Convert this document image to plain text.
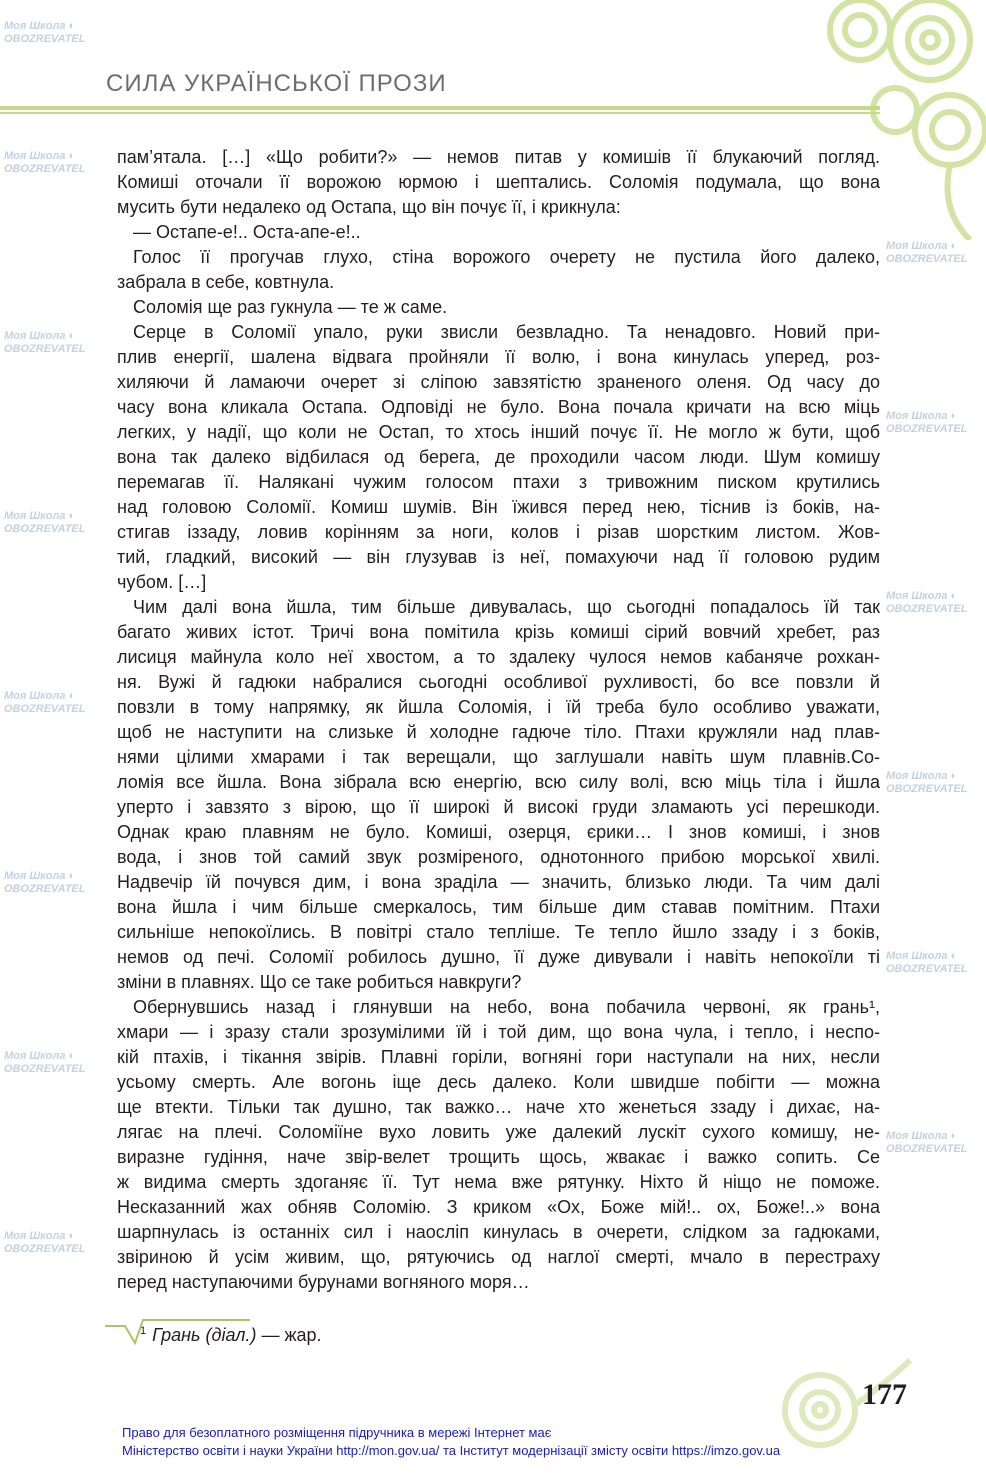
Моя Школа ◐ OBOZREVATEL
Моя Школа ◐ OBOZREVATEL
Моя Школа ◐ OBOZREVATEL
Моя Школа ◐ OBOZREVATEL
Моя Школа ◐ OBOZREVATEL
Моя Школа ◐ OBOZREVATEL
Моя Школа ◐ OBOZREVATEL
Моя Школа ◐ OBOZREVATEL
Моя Школа ◐ OBOZREVATEL
Моя Школа ◐ OBOZREVATEL
Моя Школа ◐ OBOZREVATEL
Моя Школа ◐ OBOZREVATEL
Моя Школа ◐ OBOZREVATEL
Моя Школа ◐ OBOZREVATEL
СИЛА УКРАЇНСЬКОЇ ПРОЗИ
пам’ятала. […] «Що робити?» — немов питав у комишів її блукаючий погляд.
Комиші оточали її ворожою юрмою і шептались. Соломія подумала, що вона
мусить бути недалеко од Остапа, що він почує її, і крикнула:
— Остапе-е!.. Оста-апе-е!..
Голос її прогучав глухо, стіна ворожого очерету не пустила його далеко,
забрала в себе, ковтнула.
Соломія ще раз гукнула — те ж саме.
Серце в Соломії упало, руки звисли безвладно. Та ненадовго. Новий при-
плив енергії, шалена відвага пройняли її волю, і вона кинулась уперед, роз-
хиляючи й ламаючи очерет зі сліпою завзятістю зраненого оленя. Од часу до
часу вона кликала Остапа. Одповіді не було. Вона почала кричати на всю міць
легких, у надії, що коли не Остап, то хтось інший почує її. Не могло ж бути, щоб
вона так далеко відбилася од берега, де проходили часом люди. Шум комишу
перемагав її. Налякані чужим голосом птахи з тривожним писком крутились
над головою Соломії. Комиш шумів. Він їжився перед нею, тіснив із боків, на-
стигав іззаду, ловив корінням за ноги, колов і різав шорстким листом. Жов-
тий, гладкий, високий — він глузував із неї, помахуючи над її головою рудим
чубом. […]
Чим далі вона йшла, тим більше дивувалась, що сьогодні попадалось їй так
багато живих істот. Тричі вона помітила крізь комиші сірий вовчий хребет, раз
лисиця майнула коло неї хвостом, а то здалеку чулося немов кабаняче рохкан-
ня. Вужі й гадюки набралися сьогодні особливої рухливості, бо все повзли й
повзли в тому напрямку, як йшла Соломія, і їй треба було особливо уважати,
щоб не наступити на слизьке й холодне гадюче тіло. Птахи кружляли над плав-
нями цілими хмарами і так верещали, що заглушали навіть шум плавнів.Со-
ломія все йшла. Вона зібрала всю енергію, всю силу волі, всю міць тіла і йшла
уперто і завзято з вірою, що її широкі й високі груди зламають усі перешкоди.
Однак краю плавням не було. Комиші, озерця, єрики… І знов комиші, і знов
вода, і знов той самий звук розміреного, однотонного прибою морської хвилі.
Надвечір їй почувся дим, і вона зраділа — значить, близько люди. Та чим далі
вона йшла і чим більше смеркалось, тим більше дим ставав помітним. Птахи
сильніше непокоїлись. В повітрі стало тепліше. Те тепло йшло ззаду і з боків,
немов од печі. Соломії робилось душно, її дуже дивували і навіть непокоїли ті
зміни в плавнях. Що се таке робиться навкруги?
Обернувшись назад і глянувши на небо, вона побачила червоні, як грань¹,
хмари — і зразу стали зрозумілими їй і той дим, що вона чула, і тепло, і неспо-
кій птахів, і тікання звірів. Плавні горіли, вогняні гори наступали на них, несли
усьому смерть. Але вогонь іще десь далеко. Коли швидше побігти — можна
ще втекти. Тільки так душно, так важко… наче хто женеться ззаду і дихає, на-
лягає на плечі. Соломіїне вухо ловить уже далекий лускіт сухого комишу, не-
виразне гудіння, наче звір-велет трощить щось, жвакає і важко сопить. Се
ж видима смерть здоганяє її. Тут нема вже рятунку. Ніхто й ніщо не поможе.
Несказанний жах обняв Соломію. З криком «Ох, Боже мій!.. ох, Боже!..» вона
шарпнулась із останніх сил і наосліп кинулась в очерети, слідком за гадюками,
звіриною й усім живим, що, рятуючись од наглої смерті, мчало в перестраху
перед наступаючими бурунами вогняного моря…
$^1$ Грань (діал.) — жар.
177
Право для безоплатного розміщення підручника в мережі Інтернет має
Міністерство освіти і науки України http://mon.gov.ua/ та Інститут модернізації змісту освіти https://imzo.gov.ua
